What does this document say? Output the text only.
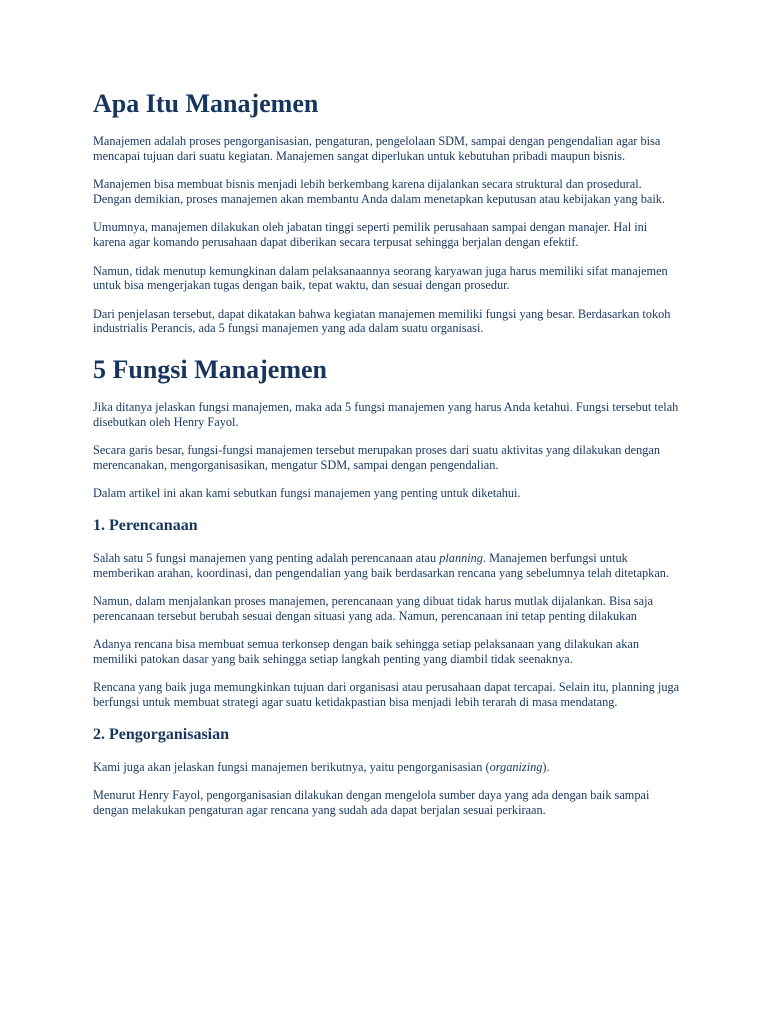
Apa Itu Manajemen

Manajemen adalah proses pengorganisasian, pengaturan, pengelolaan SDM, sampai dengan pengendalian agar bisa mencapai tujuan dari suatu kegiatan. Manajemen sangat diperlukan untuk kebutuhan pribadi maupun bisnis.

Manajemen bisa membuat bisnis menjadi lebih berkembang karena dijalankan secara struktural dan prosedural. Dengan demikian, proses manajemen akan membantu Anda dalam menetapkan keputusan atau kebijakan yang baik.

Umumnya, manajemen dilakukan oleh jabatan tinggi seperti pemilik perusahaan sampai dengan manajer. Hal ini karena agar komando perusahaan dapat diberikan secara terpusat sehingga berjalan dengan efektif.

Namun, tidak menutup kemungkinan dalam pelaksanaannya seorang karyawan juga harus memiliki sifat manajemen untuk bisa mengerjakan tugas dengan baik, tepat waktu, dan sesuai dengan prosedur.

Dari penjelasan tersebut, dapat dikatakan bahwa kegiatan manajemen memiliki fungsi yang besar. Berdasarkan tokoh industrialis Perancis, ada 5 fungsi manajemen yang ada dalam suatu organisasi.

5 Fungsi Manajemen

Jika ditanya jelaskan fungsi manajemen, maka ada 5 fungsi manajemen yang harus Anda ketahui. Fungsi tersebut telah disebutkan oleh Henry Fayol.

Secara garis besar, fungsi-fungsi manajemen tersebut merupakan proses dari suatu aktivitas yang dilakukan dengan merencanakan, mengorganisasikan, mengatur SDM, sampai dengan pengendalian.

Dalam artikel ini akan kami sebutkan fungsi manajemen yang penting untuk diketahui.

1. Perencanaan

Salah satu 5 fungsi manajemen yang penting adalah perencanaan atau planning. Manajemen berfungsi untuk memberikan arahan, koordinasi, dan pengendalian yang baik berdasarkan rencana yang sebelumnya telah ditetapkan.

Namun, dalam menjalankan proses manajemen, perencanaan yang dibuat tidak harus mutlak dijalankan. Bisa saja perencanaan tersebut berubah sesuai dengan situasi yang ada. Namun, perencanaan ini tetap penting dilakukan

Adanya rencana bisa membuat semua terkonsep dengan baik sehingga setiap pelaksanaan yang dilakukan akan memiliki patokan dasar yang baik sehingga setiap langkah penting yang diambil tidak seenaknya.

Rencana yang baik juga memungkinkan tujuan dari organisasi atau perusahaan dapat tercapai. Selain itu, planning juga berfungsi untuk membuat strategi agar suatu ketidakpastian bisa menjadi lebih terarah di masa mendatang.

2. Pengorganisasian

Kami juga akan jelaskan fungsi manajemen berikutnya, yaitu pengorganisasian (organizing).

Menurut Henry Fayol, pengorganisasian dilakukan dengan mengelola sumber daya yang ada dengan baik sampai dengan melakukan pengaturan agar rencana yang sudah ada dapat berjalan sesuai perkiraan.
